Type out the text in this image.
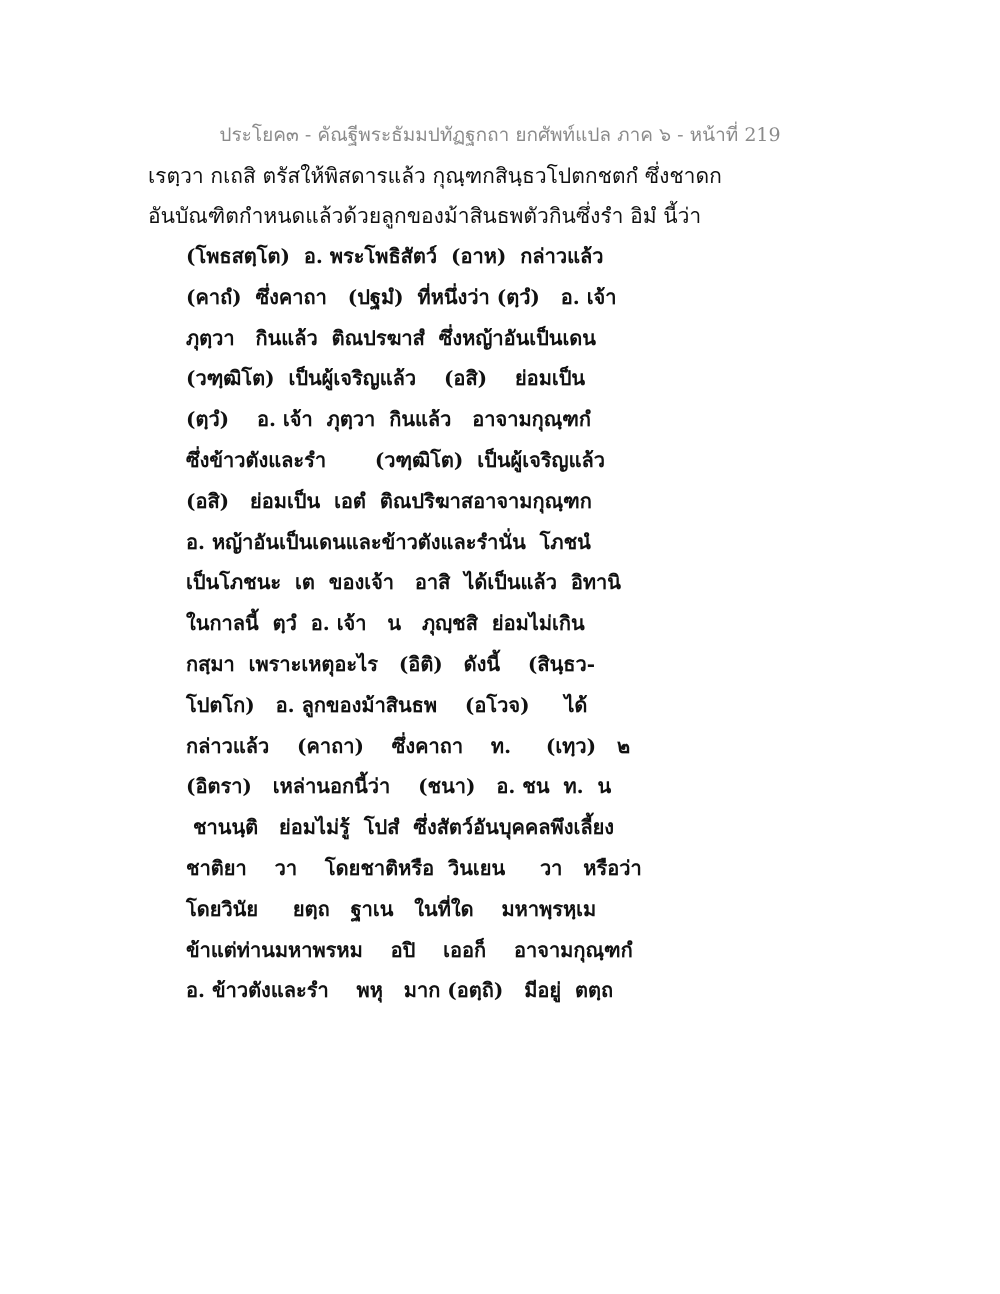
ประโยค๓ - คัณฐีพระธัมมปทัฏฐกถา ยกศัพท์แปล ภาค ๖ - หน้าที่ 219
เรตฺวา กเถสิ ตรัสให้พิสดารแล้ว กุณฺฑกสินฺธวโปตกชตกํ ซึ่งชาดก
อันบัณฑิตกำหนดแล้วด้วยลูกของม้าสินธพตัวกินซึ่งรำ อิมํ นี้ว่า
(โพธสตฺโต)  อ. พระโพธิสัตว์  (อาห)  กล่าวแล้ว
(คาถํ)  ซึ่งคาถา   (ปฐมํ)  ที่หนึ่งว่า (ตฺวํ)   อ. เจ้า
ภุตฺวา   กินแล้ว  ติณปรฆาสํ  ซึ่งหญ้าอันเป็นเดน
(วฑฺฒิโต)  เป็นผู้เจริญแล้ว    (อสิ)    ย่อมเป็น
(ตฺวํ)    อ. เจ้า  ภุตฺวา  กินแล้ว   อาจามกุณฺฑกํ
ซึ่งข้าวตังและรำ       (วฑฺฒิโต)  เป็นผู้เจริญแล้ว
(อสิ)   ย่อมเป็น  เอตํ  ติณปริฆาสอาจามกุณฺฑก
อ. หญ้าอันเป็นเดนและข้าวตังและรำนั่น  โภชนํ
เป็นโภชนะ  เต  ของเจ้า   อาสิ  ได้เป็นแล้ว  อิทานิ
ในกาลนี้  ตฺวํ  อ. เจ้า   น   ภุญฺชสิ  ย่อมไม่เกิน
กสฺมา  เพราะเหตุอะไร   (อิติ)   ดังนี้    (สินฺธว-
โปตโก)   อ. ลูกของม้าสินธพ    (อโวจ)     ได้
กล่าวแล้ว    (คาถา)    ซึ่งคาถา    ท.     (เทฺว)   ๒
(อิตรา)   เหล่านอกนี้ว่า    (ชนา)   อ. ชน  ท.  น
ชานนฺติ   ย่อมไม่รู้  โปสํ  ซึ่งสัตว์อันบุคคลพึงเลี้ยง
ชาติยา    วา    โดยชาติหรือ  วินเยน     วา   หรือว่า
โดยวินัย     ยตฺถ   ฐาเน   ในที่ใด    มหาพฺรหฺเม
ข้าแต่ท่านมหาพรหม    อปิ    เออก็    อาจามกุณฺฑกํ
อ. ข้าวตังและรำ    พหุ   มาก (อตฺถิ)   มีอยู่  ตตฺถ
